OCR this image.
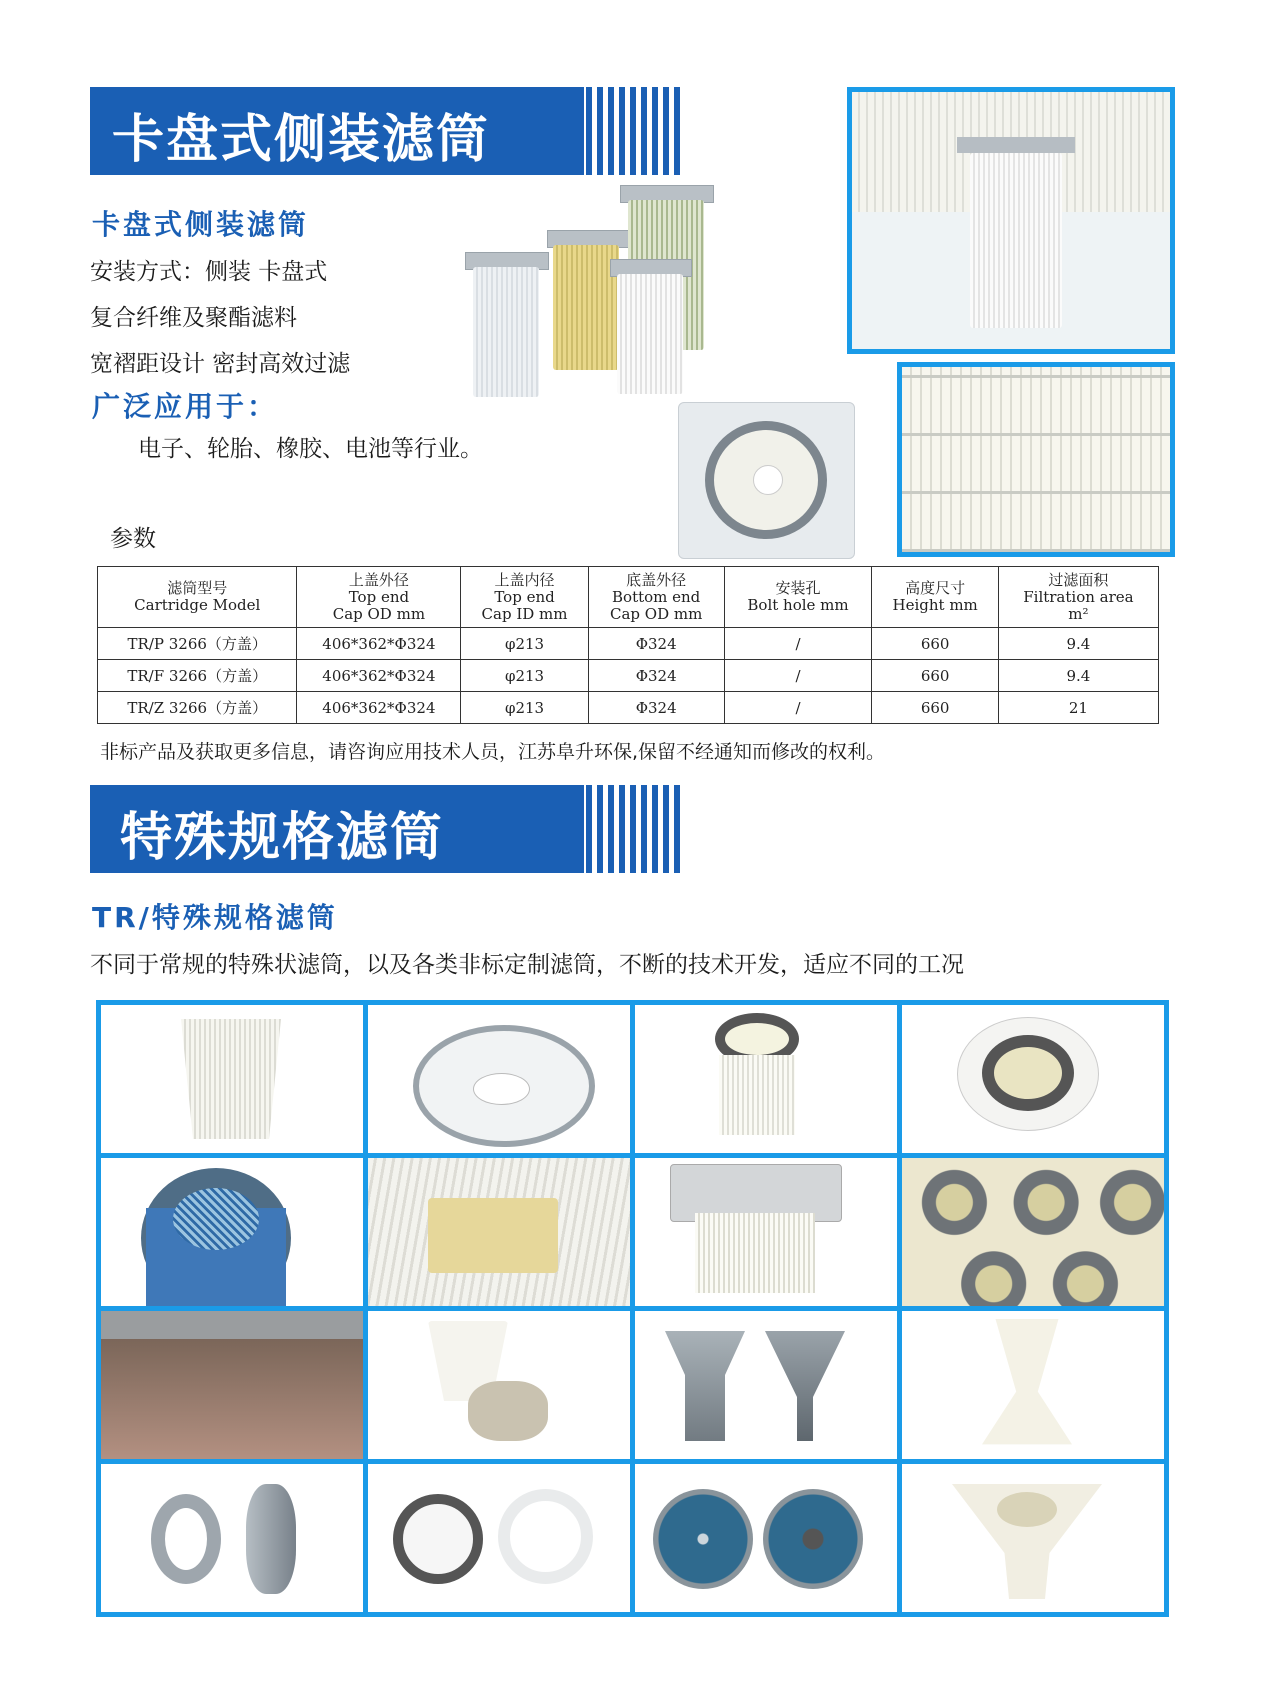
卡盘式侧装滤筒
卡盘式侧装滤筒
安装方式：侧装 卡盘式
复合纤维及聚酯滤料
宽褶距设计 密封高效过滤
广泛应用于：
电子、轮胎、橡胶、电池等行业。
参数
滤筒型号
Cartridge Model	上盖外径
Top end
Cap OD mm	上盖内径
Top end
Cap ID mm	底盖外径
Bottom end
Cap OD mm	安装孔
Bolt hole mm	高度尺寸
Height mm	过滤面积
Filtration area
m²

TR/P 3266（方盖）	406*362*Φ324	φ213	Φ324	/	660	9.4
TR/F 3266（方盖）	406*362*Φ324	φ213	Φ324	/	660	9.4
TR/Z 3266（方盖）	406*362*Φ324	φ213	Φ324	/	660	21
非标产品及获取更多信息，请咨询应用技术人员，江苏阜升环保,保留不经通知而修改的权利。
特殊规格滤筒
TR/特殊规格滤筒
不同于常规的特殊状滤筒，以及各类非标定制滤筒，不断的技术开发，适应不同的工况
